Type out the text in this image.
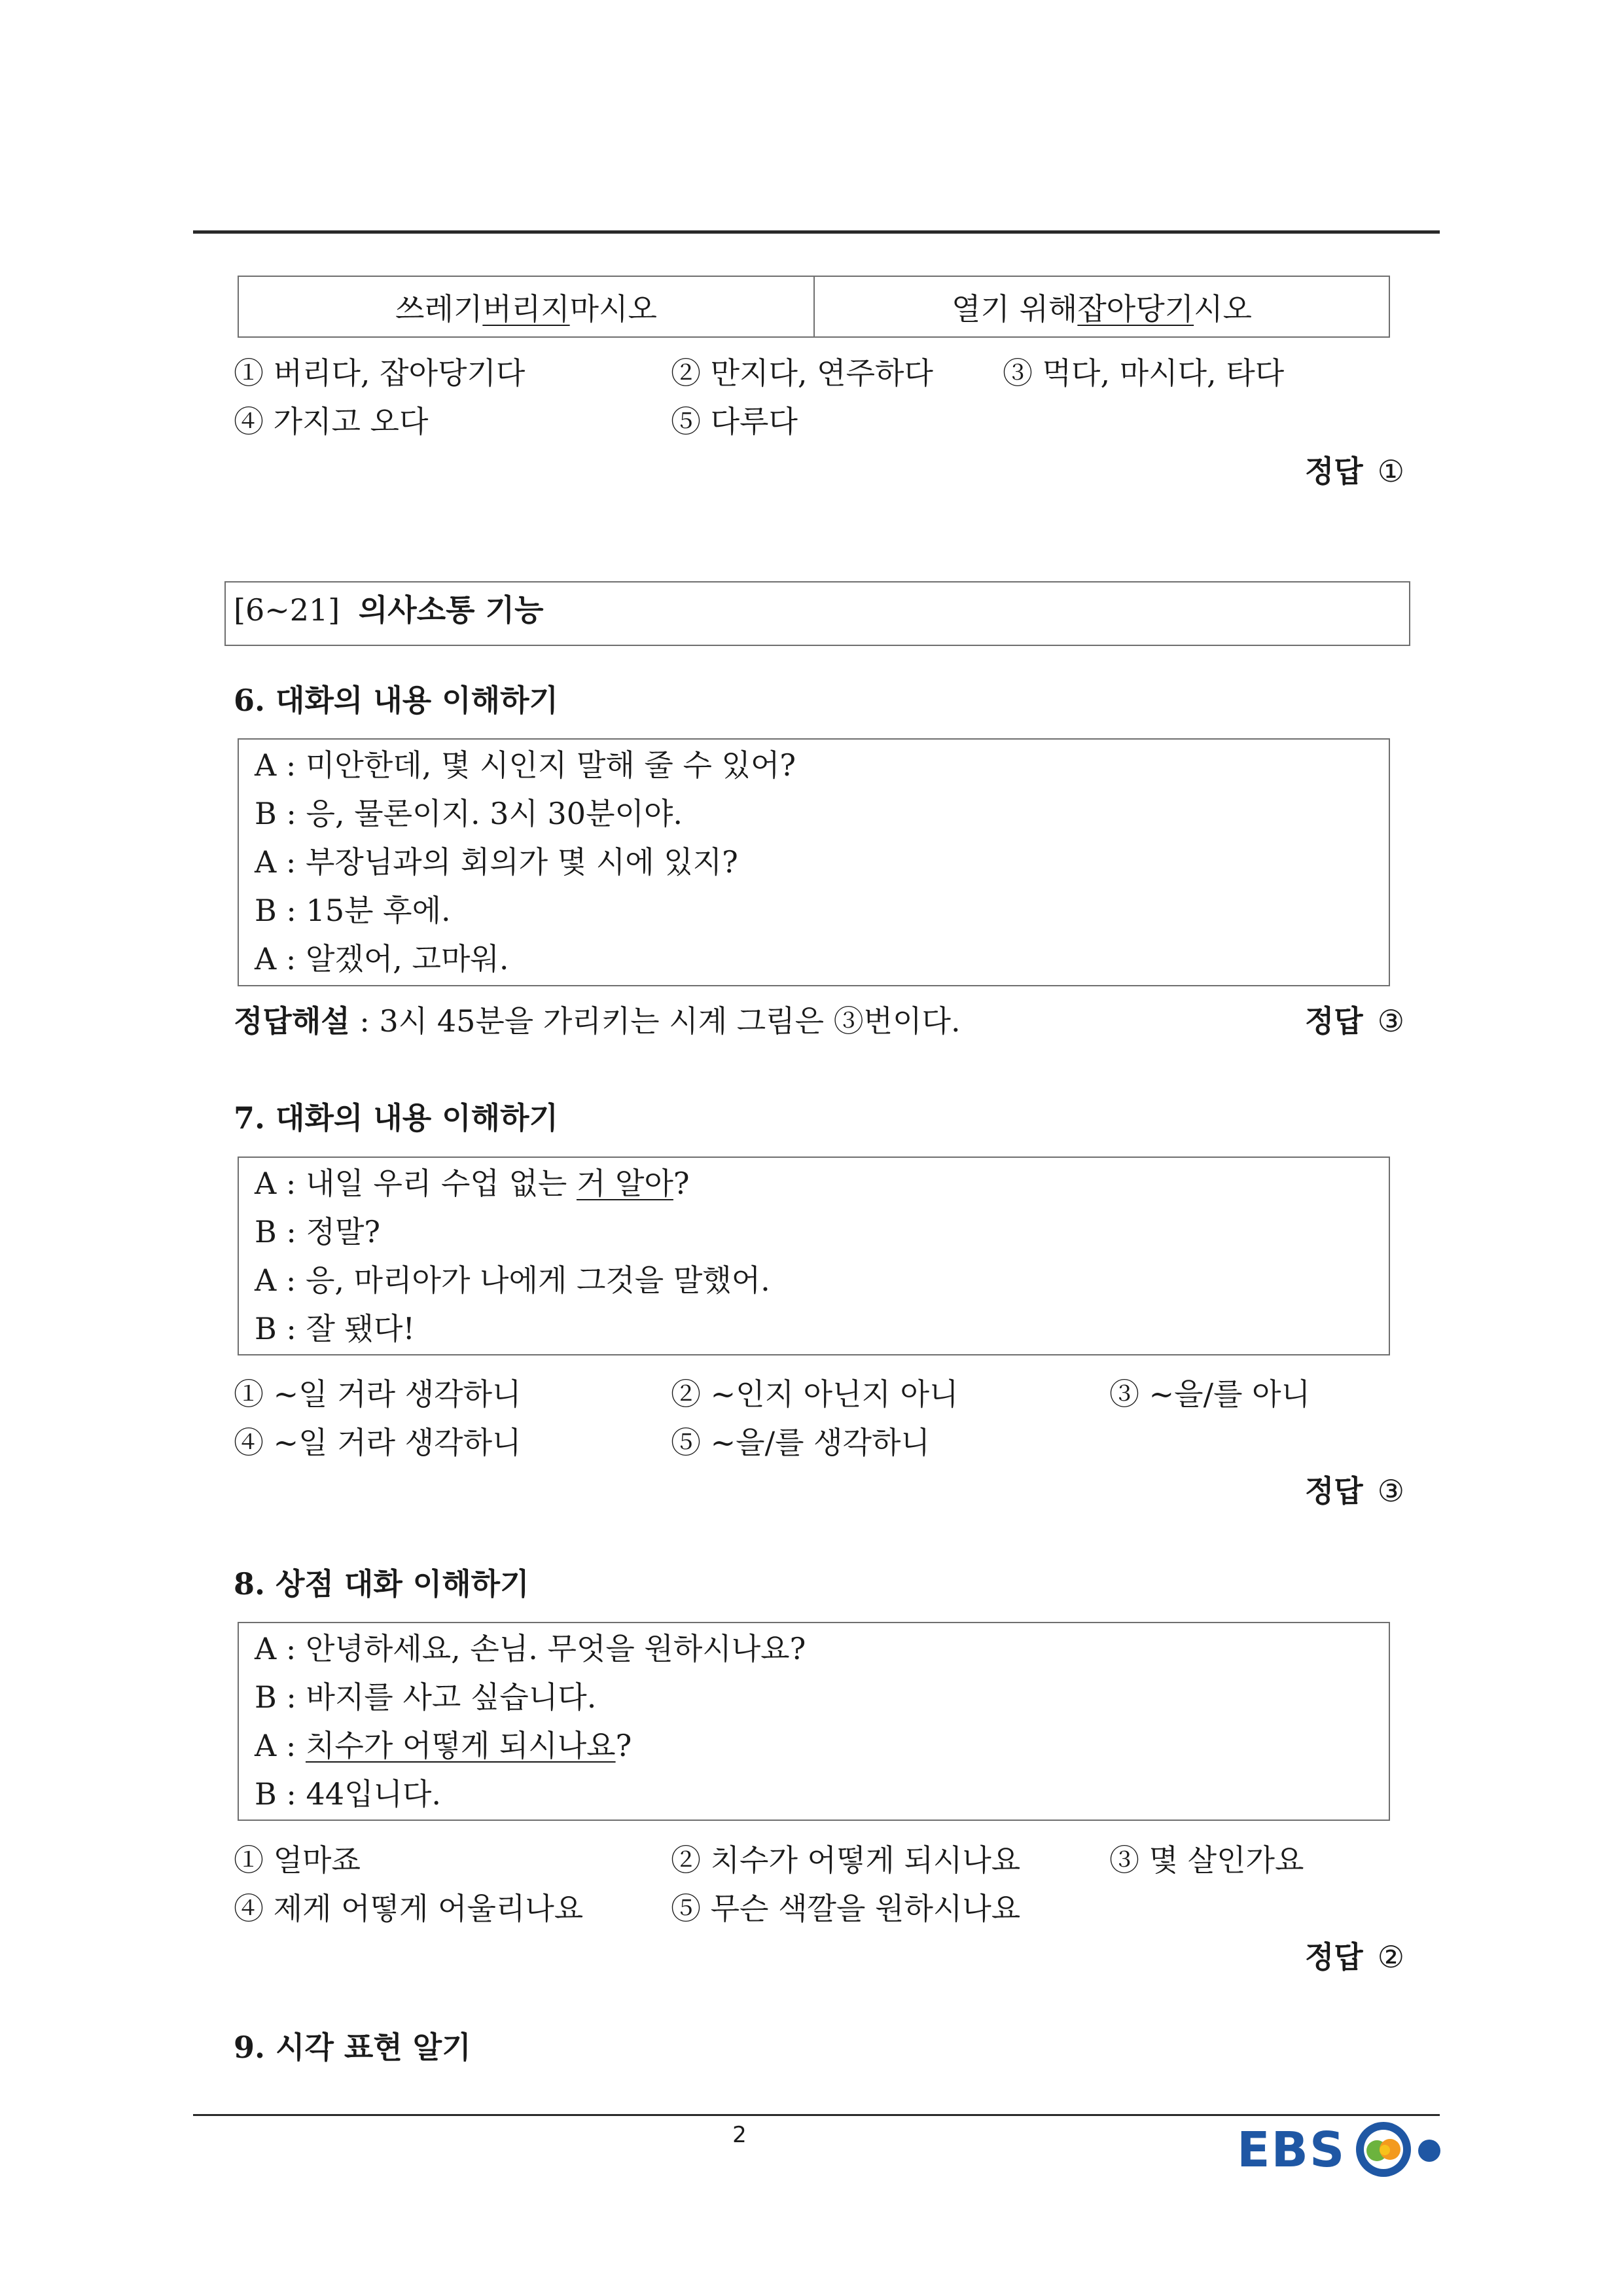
쓰레기 버리지 마시오	열기 위해 잡아당기 시오
① 버리다, 잡아당기다	② 만지다, 연주하다 ③ 먹다, 마시다, 타다
④ 가지고 오다	⑤ 다루다
정답 ①
[6~21] 의사소통 기능
6. 대화의 내용 이해하기
A : 미안한데, 몇 시인지 말해 줄 수 있어?
B : 응, 물론이지. 3시 30분이야.
A : 부장님과의 회의가 몇 시에 있지?
B : 15분 후에.
A : 알겠어, 고마워.
정답해설 : 3시 45분을 가리키는 시계 그림은 ③번이다.	정답 ③
7. 대화의 내용 이해하기
A : 내일 우리 수업 없는 거 알아?
B : 정말?
A : 응, 마리아가 나에게 그것을 말했어.
B : 잘 됐다!
① ~일 거라 생각하니	② ~인지 아닌지 아니	③ ~을/를 아니
④ ~일 거라 생각하니	⑤ ~을/를 생각하니
정답 ③
8. 상점 대화 이해하기
A : 안녕하세요, 손님. 무엇을 원하시나요?
B : 바지를 사고 싶습니다.
A : 치수가 어떻게 되시나요?
B : 44입니다.
① 얼마죠	② 치수가 어떻게 되시나요	③ 몇 살인가요
④ 제게 어떻게 어울리나요	⑤ 무슨 색깔을 원하시나요
정답 ②
9. 시각 표현 알기
2	EBS
